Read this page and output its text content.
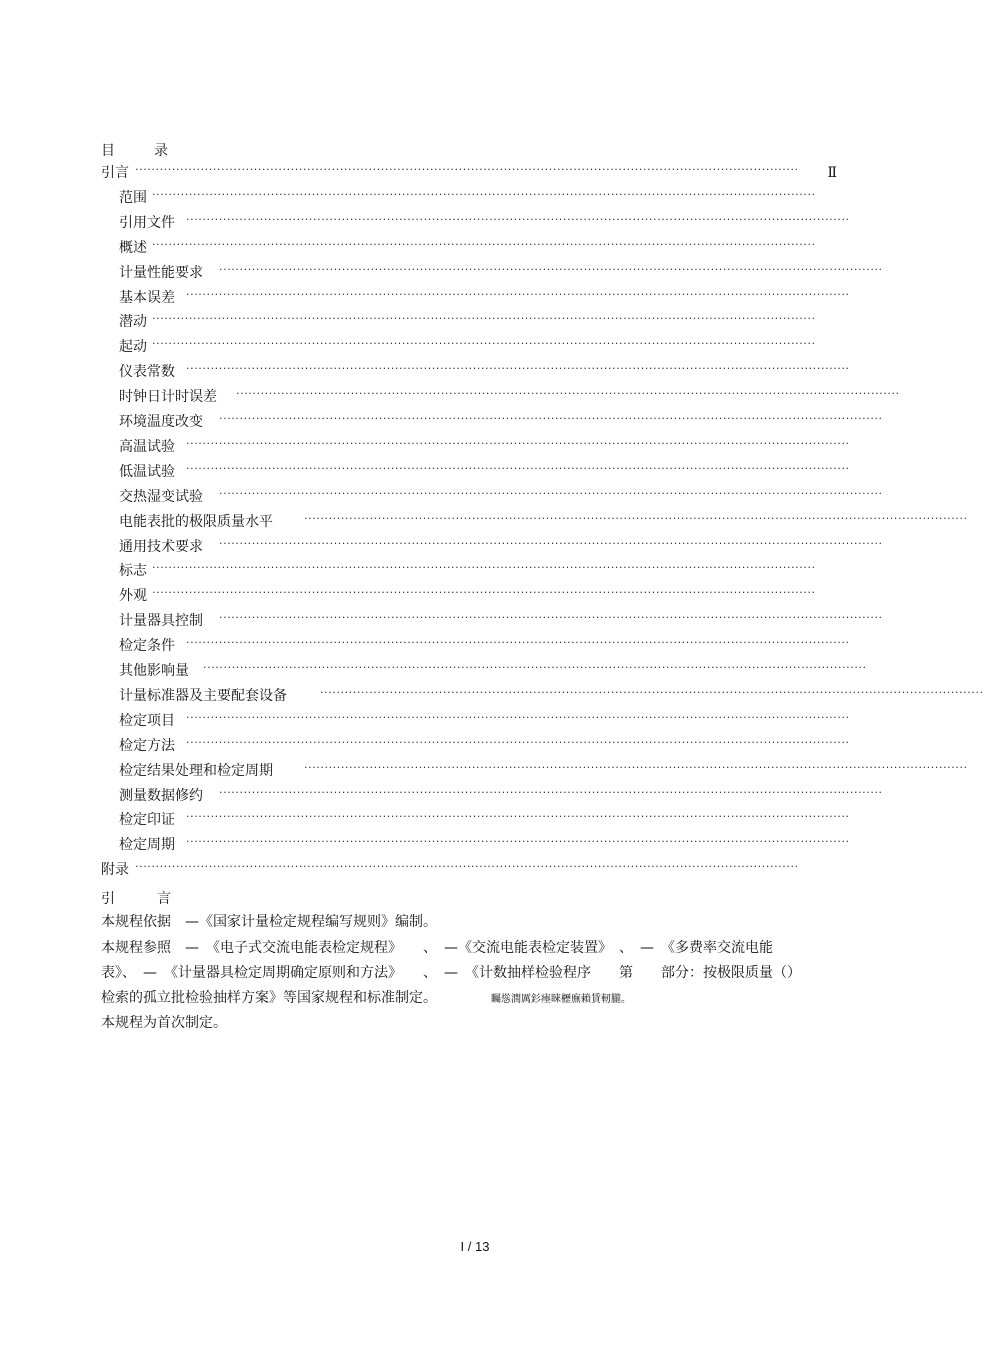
目	录
引言 ·································································································································································· Ⅱ
范围 ··································································································································································
引用文件 ··································································································································································
概述 ··································································································································································
计量性能要求 ··································································································································································
基本误差 ··································································································································································
潜动 ··································································································································································
起动 ··································································································································································
仪表常数 ··································································································································································
时钟日计时误差 ··································································································································································
环境温度改变 ··································································································································································
高温试验 ··································································································································································
低温试验 ··································································································································································
交热湿变试验 ··································································································································································
电能表批的极限质量水平	··································································································································································
通用技术要求 ··································································································································································
标志 ··································································································································································
外观 ··································································································································································
计量器具控制 ··································································································································································
检定条件 ··································································································································································
其他影响量 ··································································································································································
计量标准器及主要配套设备	··································································································································································
检定项目 ··································································································································································
检定方法 ··································································································································································
检定结果处理和检定周期	··································································································································································
测量数据修约 ··································································································································································
检定印证 ··································································································································································
检定周期 ··································································································································································
附录 ··································································································································································
引	言
本规程依据　—《国家计量检定规程编写规则》编制。
本规程参照　—　《电子式交流电能表检定规程》　　、　—《交流电能表检定装置》　、　—　《多费率交流电能
表》、　—　《计量器具检定周期确定原则和方法》　　、　—　《计数抽样检验程序　　第　　部分：按极限质量（）
检索的孤立批检验抽样方案》等国家规程和标准制定。	矚慫潤厲釤瘞睞櫪廡賴賃軔朧。
本规程为首次制定。
I / 13
